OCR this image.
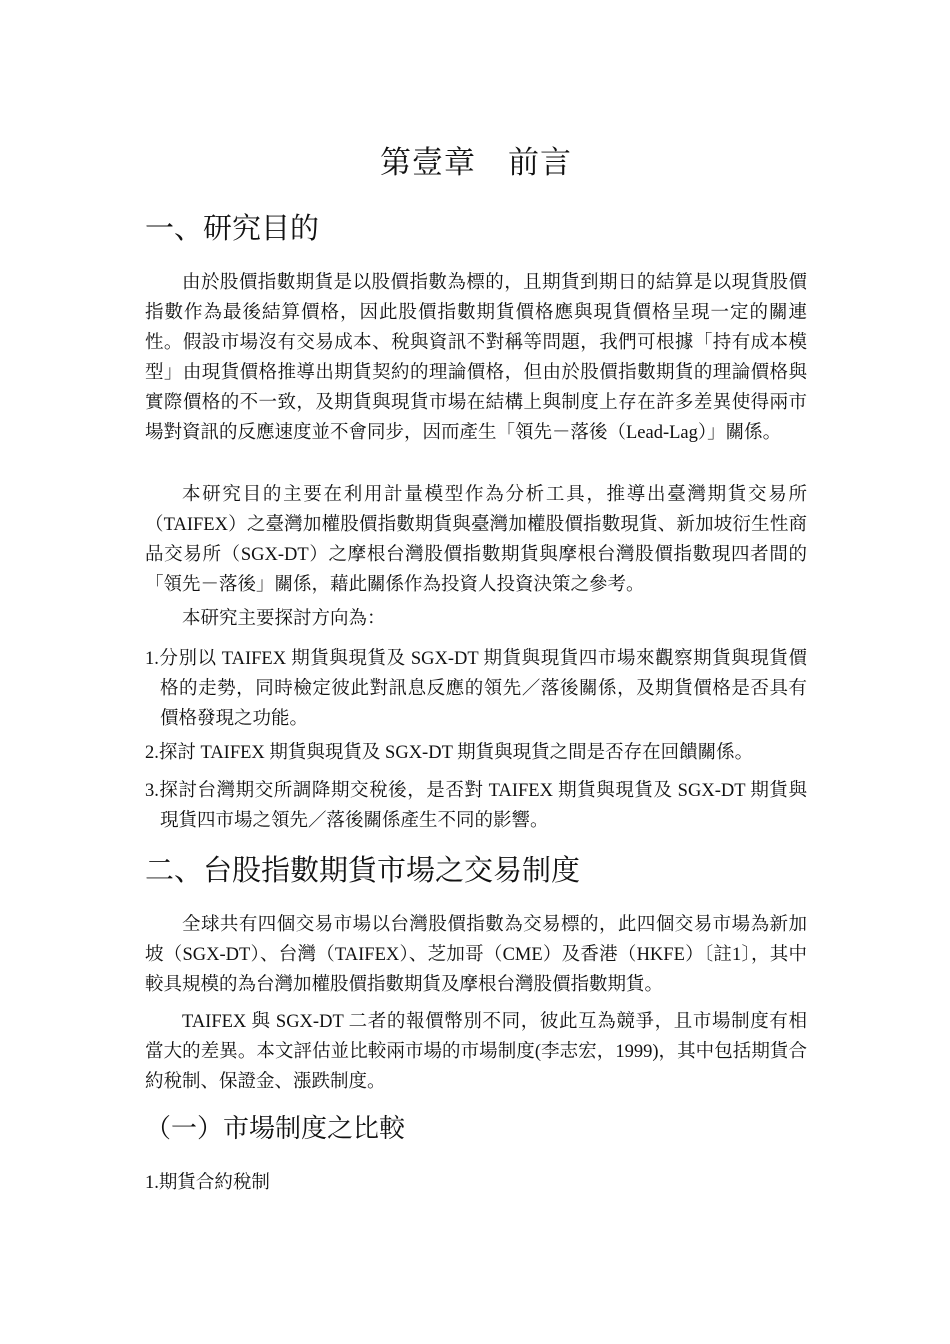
第壹章　前言
一、研究目的

由於股價指數期貨是以股價指數為標的，且期貨到期日的結算是以現貨股價指數作為最後結算價格，因此股價指數期貨價格應與現貨價格呈現一定的關連性。假設市場沒有交易成本、稅與資訊不對稱等問題，我們可根據「持有成本模型」由現貨價格推導出期貨契約的理論價格，但由於股價指數期貨的理論價格與實際價格的不一致，及期貨與現貨市場在結構上與制度上存在許多差異使得兩市場對資訊的反應速度並不會同步，因而產生「領先－落後（Lead-Lag）」關係。

本研究目的主要在利用計量模型作為分析工具，推導出臺灣期貨交易所（TAIFEX）之臺灣加權股價指數期貨與臺灣加權股價指數現貨、新加坡衍生性商品交易所（SGX-DT）之摩根台灣股價指數期貨與摩根台灣股價指數現四者間的「領先－落後」關係，藉此關係作為投資人投資決策之參考。

本研究主要探討方向為：

1.分別以 TAIFEX 期貨與現貨及 SGX-DT 期貨與現貨四市場來觀察期貨與現貨價格的走勢，同時檢定彼此對訊息反應的領先／落後關係，及期貨價格是否具有價格發現之功能。

2.探討 TAIFEX 期貨與現貨及 SGX-DT 期貨與現貨之間是否存在回饋關係。

3.探討台灣期交所調降期交稅後，是否對 TAIFEX 期貨與現貨及 SGX-DT 期貨與現貨四市場之領先／落後關係產生不同的影響。

二、台股指數期貨市場之交易制度

全球共有四個交易市場以台灣股價指數為交易標的，此四個交易市場為新加坡（SGX-DT）、台灣（TAIFEX）、芝加哥（CME）及香港（HKFE）〔註1〕，其中較具規模的為台灣加權股價指數期貨及摩根台灣股價指數期貨。

TAIFEX 與 SGX-DT 二者的報價幣別不同，彼此互為競爭，且市場制度有相當大的差異。本文評估並比較兩市場的市場制度(李志宏，1999)，其中包括期貨合約稅制、保證金、漲跌制度。

（一）市場制度之比較

1.期貨合約稅制
